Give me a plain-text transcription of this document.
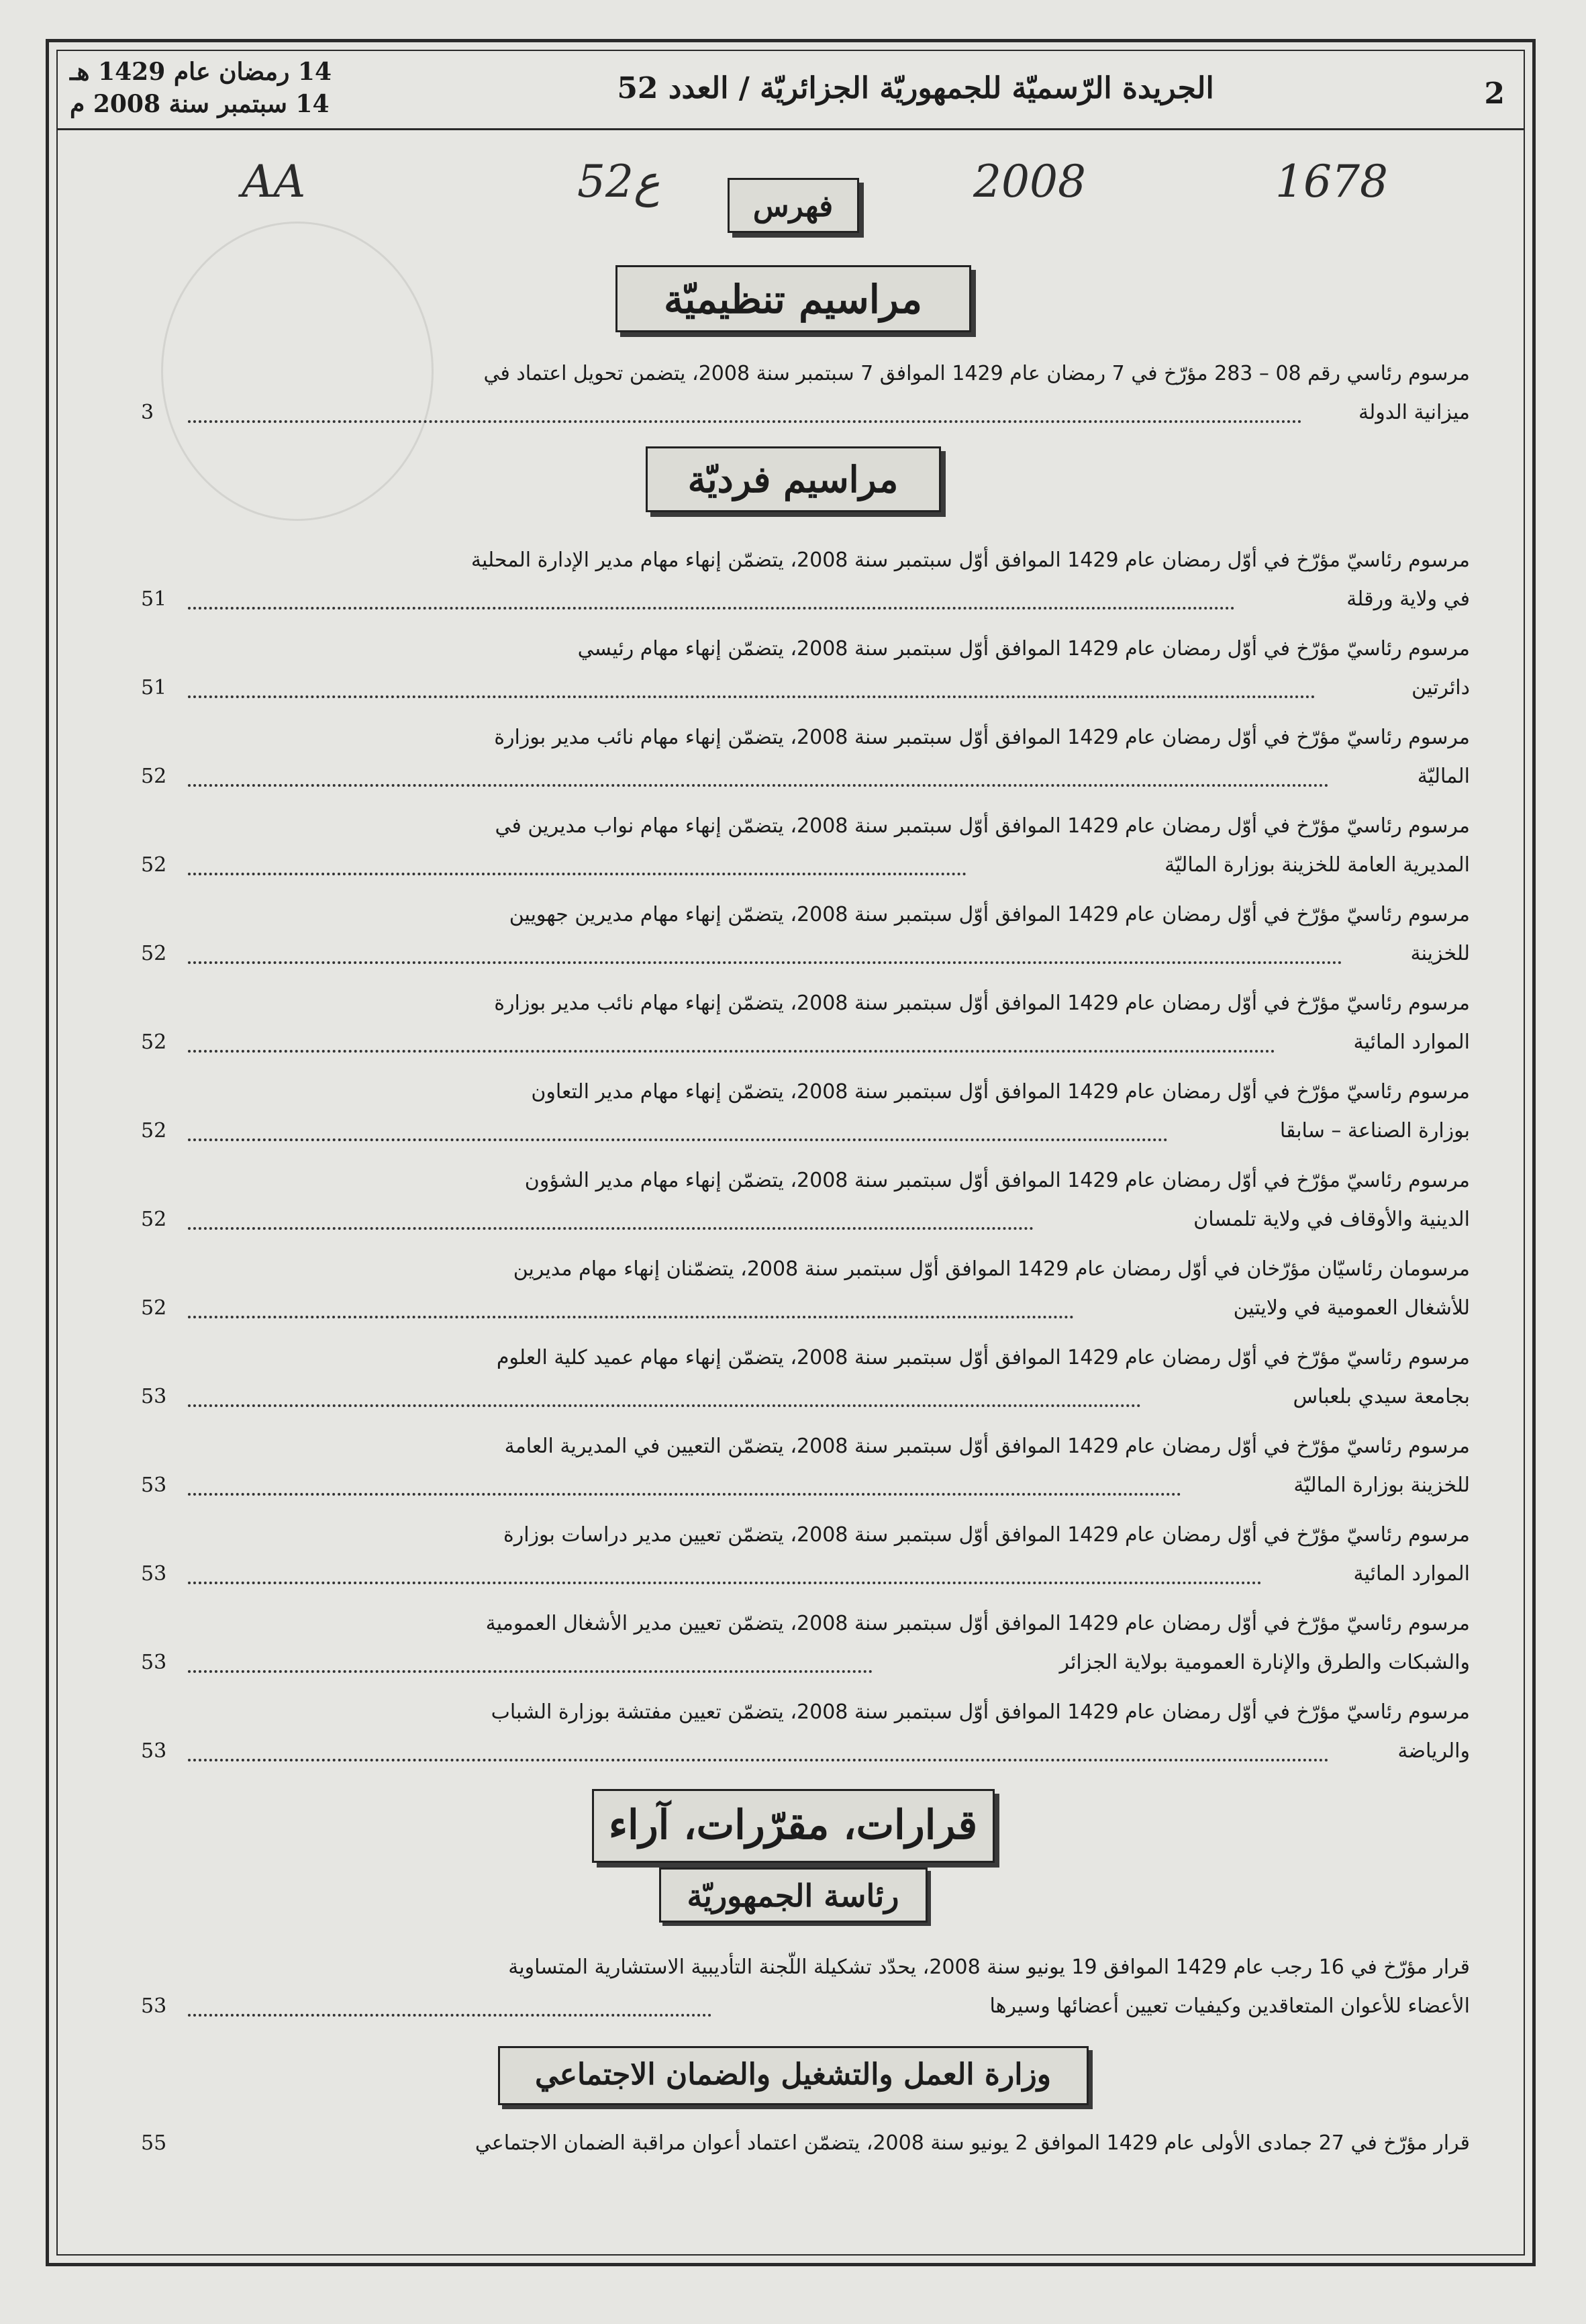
2
الجريدة الرّسميّة للجمهوريّة الجزائريّة / العدد 52
14 رمضان عام 1429 هـ
14 سبتمبر سنة 2008 م
AA	52ع	2008	1678
فهرس
مراسيم تنظيميّة
مرسوم رئاسي رقم 08 – 283 مؤرّخ في 7 رمضان عام 1429 الموافق 7 سبتمبر سنة 2008، يتضمن تحويل اعتماد في
ميزانية الدولة
3
مراسيم فرديّة
مرسوم رئاسيّ مؤرّخ في أوّل رمضان عام 1429 الموافق أوّل سبتمبر سنة 2008، يتضمّن إنهاء مهام مدير الإدارة المحلية
في ولاية ورقلة
51
مرسوم رئاسيّ مؤرّخ في أوّل رمضان عام 1429 الموافق أوّل سبتمبر سنة 2008، يتضمّن إنهاء مهام رئيسي
دائرتين
51
مرسوم رئاسيّ مؤرّخ في أوّل رمضان عام 1429 الموافق أوّل سبتمبر سنة 2008، يتضمّن إنهاء مهام نائب مدير بوزارة
الماليّة
52
مرسوم رئاسيّ مؤرّخ في أوّل رمضان عام 1429 الموافق أوّل سبتمبر سنة 2008، يتضمّن إنهاء مهام نواب مديرين في
المديرية العامة للخزينة بوزارة الماليّة
52
مرسوم رئاسيّ مؤرّخ في أوّل رمضان عام 1429 الموافق أوّل سبتمبر سنة 2008، يتضمّن إنهاء مهام مديرين جهويين
للخزينة
52
مرسوم رئاسيّ مؤرّخ في أوّل رمضان عام 1429 الموافق أوّل سبتمبر سنة 2008، يتضمّن إنهاء مهام نائب مدير بوزارة
الموارد المائية
52
مرسوم رئاسيّ مؤرّخ في أوّل رمضان عام 1429 الموافق أوّل سبتمبر سنة 2008، يتضمّن إنهاء مهام مدير التعاون
بوزارة الصناعة – سابقا
52
مرسوم رئاسيّ مؤرّخ في أوّل رمضان عام 1429 الموافق أوّل سبتمبر سنة 2008، يتضمّن إنهاء مهام مدير الشؤون
الدينية والأوقاف في ولاية تلمسان
52
مرسومان رئاسيّان مؤرّخان في أوّل رمضان عام 1429 الموافق أوّل سبتمبر سنة 2008، يتضمّنان إنهاء مهام مديرين
للأشغال العمومية في ولايتين
52
مرسوم رئاسيّ مؤرّخ في أوّل رمضان عام 1429 الموافق أوّل سبتمبر سنة 2008، يتضمّن إنهاء مهام عميد كلية العلوم
بجامعة سيدي بلعباس
53
مرسوم رئاسيّ مؤرّخ في أوّل رمضان عام 1429 الموافق أوّل سبتمبر سنة 2008، يتضمّن التعيين في المديرية العامة
للخزينة بوزارة الماليّة
53
مرسوم رئاسيّ مؤرّخ في أوّل رمضان عام 1429 الموافق أوّل سبتمبر سنة 2008، يتضمّن تعيين مدير دراسات بوزارة
الموارد المائية
53
مرسوم رئاسيّ مؤرّخ في أوّل رمضان عام 1429 الموافق أوّل سبتمبر سنة 2008، يتضمّن تعيين مدير الأشغال العمومية
والشبكات والطرق والإنارة العمومية بولاية الجزائر
53
مرسوم رئاسيّ مؤرّخ في أوّل رمضان عام 1429 الموافق أوّل سبتمبر سنة 2008، يتضمّن تعيين مفتشة بوزارة الشباب
والرياضة
53
قرارات، مقرّرات، آراء
رئاسة الجمهوريّة
قرار مؤرّخ في 16 رجب عام 1429 الموافق 19 يونيو سنة 2008، يحدّد تشكيلة اللّجنة التأديبية الاستشارية المتساوية
الأعضاء للأعوان المتعاقدين وكيفيات تعيين أعضائها وسيرها
53
وزارة العمل والتشغيل والضمان الاجتماعي
قرار مؤرّخ في 27 جمادى الأولى عام 1429 الموافق 2 يونيو سنة 2008، يتضمّن اعتماد أعوان مراقبة الضمان الاجتماعي
55
